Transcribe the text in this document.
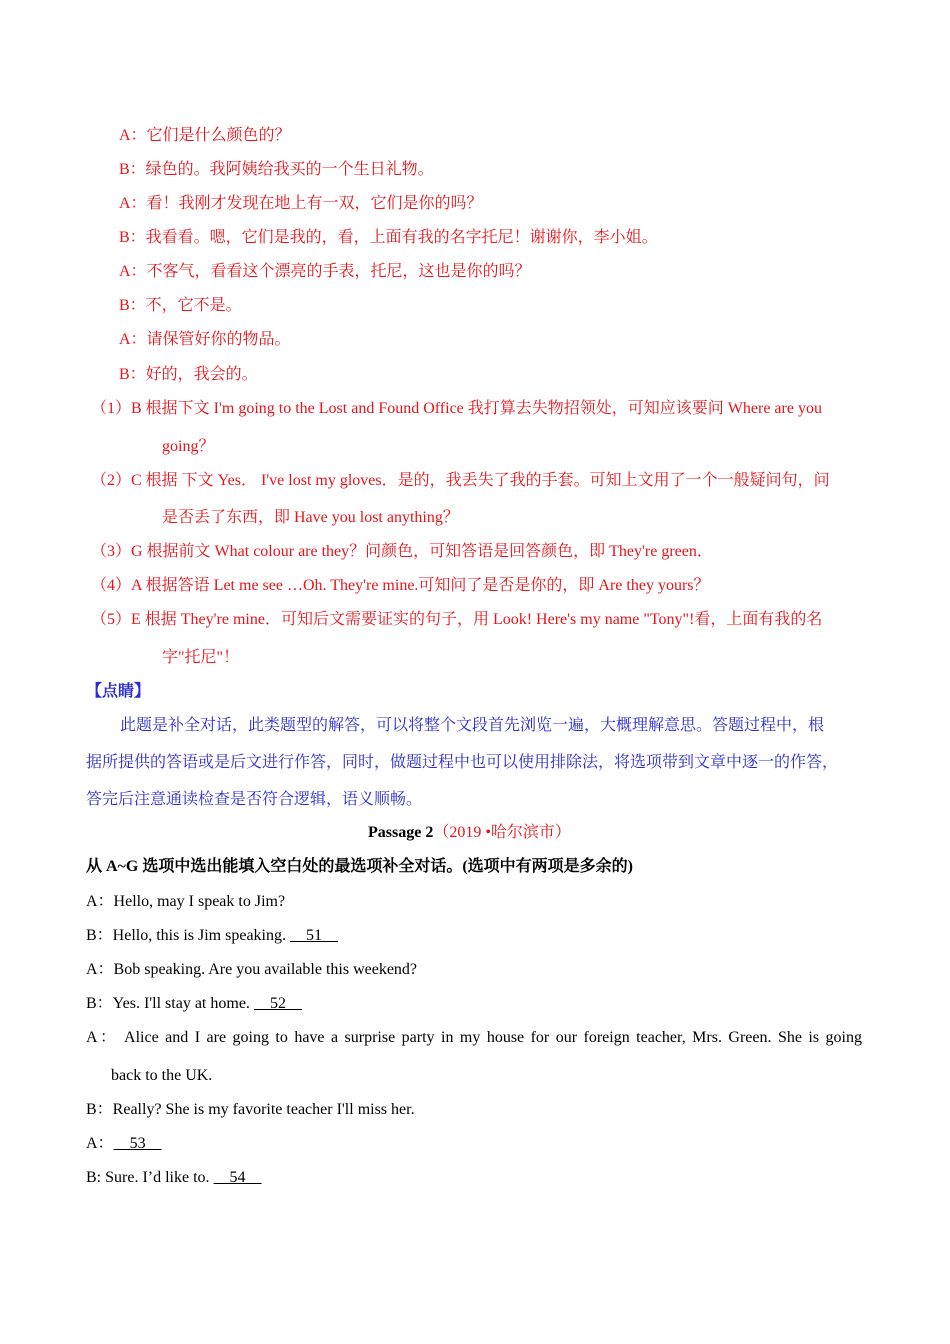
A：它们是什么颜色的？
B：绿色的。我阿姨给我买的一个生日礼物。
A：看！我刚才发现在地上有一双，它们是你的吗？
B：我看看。嗯，它们是我的，看，上面有我的名字托尼！谢谢你，李小姐。
A：不客气，看看这个漂亮的手表，托尼，这也是你的吗？
B：不，它不是。
A：请保管好你的物品。
B：好的，我会的。
（1）B 根据下文 I'm going to the Lost and Found Office 我打算去失物招领处，可知应该要问 Where are you
going？
（2）C 根据 下文 Yes． I've lost my gloves．是的，我丢失了我的手套。可知上文用了一个一般疑问句，问
是否丢了东西，即 Have you lost anything？
（3）G 根据前文 What colour are they？问颜色，可知答语是回答颜色，即 They're green．
（4）A 根据答语 Let me see …Oh. They're mine.可知问了是否是你的，即 Are they yours？
（5）E 根据 They're mine．可知后文需要证实的句子，用 Look! Here's my name "Tony"!看，上面有我的名
字"托尼"！
【点睛】
此题是补全对话，此类题型的解答，可以将整个文段首先浏览一遍，大概理解意思。答题过程中，根
据所提供的答语或是后文进行作答，同时，做题过程中也可以使用排除法，将选项带到文章中逐一的作答，
答完后注意通读检查是否符合逻辑，语义顺畅。
Passage 2（2019 •哈尔滨市）
从 A~G 选项中选出能填入空白处的最选项补全对话。(选项中有两项是多余的)
A：Hello, may I speak to Jim?
B：Hello, this is Jim speaking.     51
A：Bob speaking. Are you available this weekend?
B：Yes. I'll stay at home.     52
A： Alice and I are going to have a surprise party in my house for our foreign teacher, Mrs. Green. She is going
back to the UK.
B：Really? She is my favorite teacher I'll miss her.
A：    53
B: Sure. I’d like to.     54
